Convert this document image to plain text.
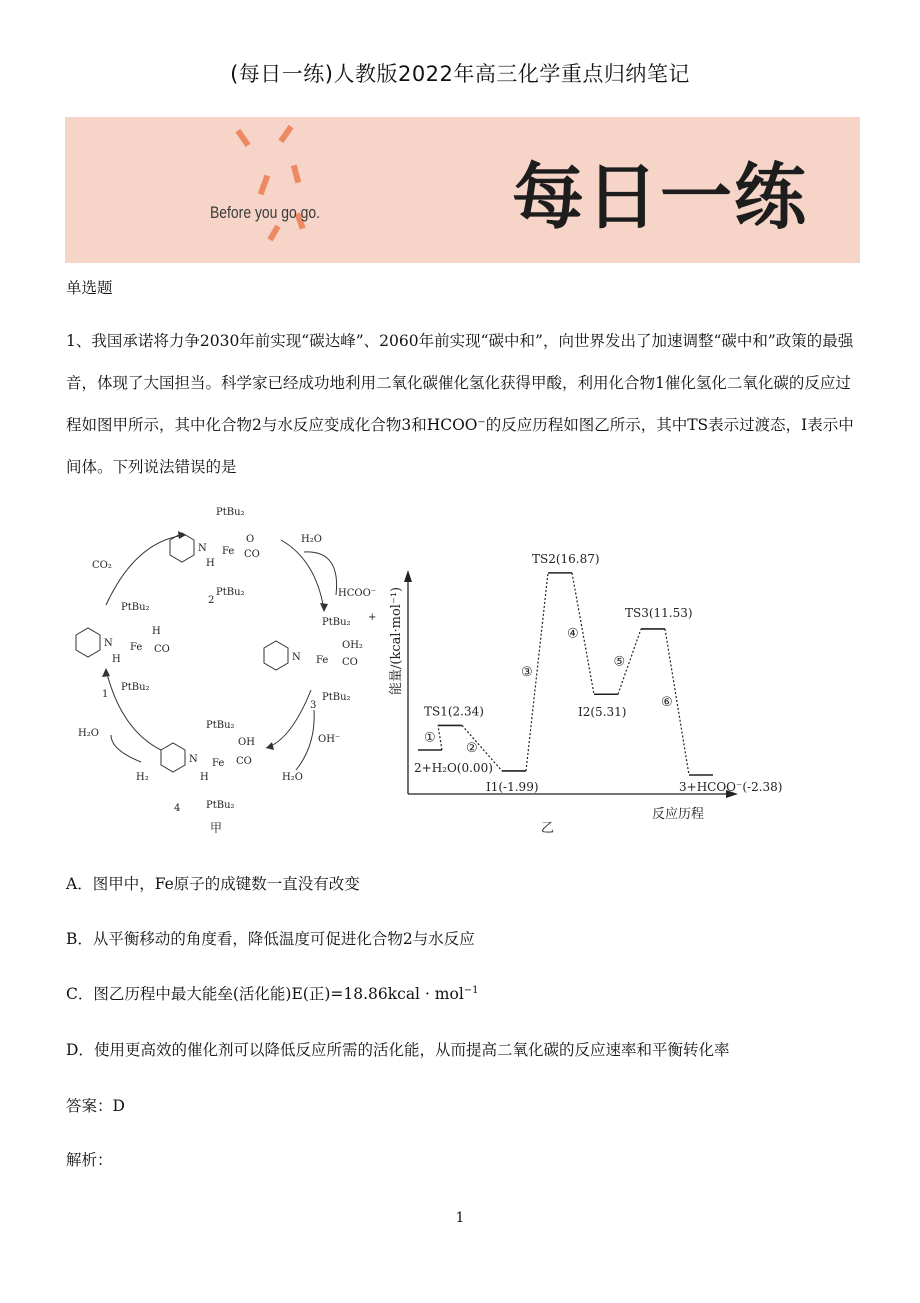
(每日一练)人教版2022年高三化学重点归纳笔记
Before you go go.	每日一练
单选题
1、我国承诺将力争2030年前实现“碳达峰”、2060年前实现“碳中和”，向世界发出了加速调整“碳中和”政策的最强音，体现了大国担当。科学家已经成功地利用二氧化碳催化氢化获得甲酸，利用化合物1催化氢化二氧化碳的反应过程如图甲所示，其中化合物2与水反应变成化合物3和HCOO⁻的反应历程如图乙所示，其中TS表示过渡态，Ⅰ表示中间体。下列说法错误的是
N Fe
H
H
CO
PtBu₂
PtBu₂
1
N Fe
O
CO
H
PtBu₂
PtBu₂
2
N Fe
OH₂
CO
+
PtBu₂
PtBu₂
3
N Fe
OH
CO
H
PtBu₂
PtBu₂
4
CO₂
H₂O
HCOO⁻
OH⁻
H₂O
H₂O
H₂
甲
能量/(kcal·mol⁻¹)
反应历程
乙
2+H₂O(0.00)
①
TS1(2.34)
②
I1(-1.99)
③
TS2(16.87)
④
I2(5.31)
⑤
TS3(11.53)
⑥
3+HCOO⁻(-2.38)
A．图甲中，Fe原子的成键数一直没有改变
B．从平衡移动的角度看，降低温度可促进化合物2与水反应
C．图乙历程中最大能垒(活化能)E(正)=18.86kcal · mol$^{-1}$
D．使用更高效的催化剂可以降低反应所需的活化能，从而提高二氧化碳的反应速率和平衡转化率
答案：D
解析：
1
